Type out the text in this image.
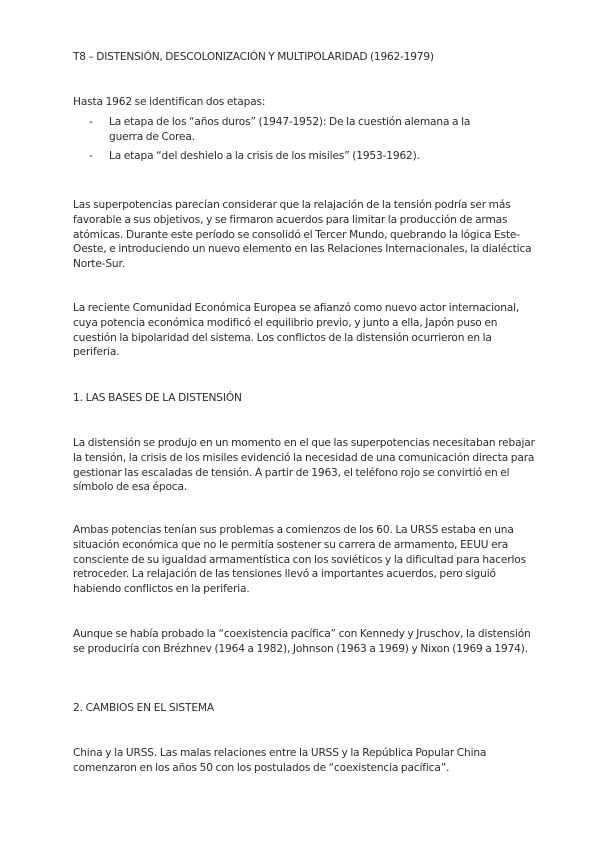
T8 – DISTENSIÓN, DESCOLONIZACIÓN Y MULTIPOLARIDAD (1962-1979)

Hasta 1962 se identifican dos etapas:

- La etapa de los “años duros” (1947-1952): De la cuestión alemana a la guerra de Corea.
- La etapa “del deshielo a la crisis de los misiles” (1953-1962).

Las superpotencias parecían considerar que la relajación de la tensión podría ser más favorable a sus objetivos, y se firmaron acuerdos para limitar la producción de armas atómicas. Durante este período se consolidó el Tercer Mundo, quebrando la lógica Este-Oeste, e introduciendo un nuevo elemento en las Relaciones Internacionales, la dialéctica Norte-Sur.

La reciente Comunidad Económica Europea se afianzó como nuevo actor internacional, cuya potencia económica modificó el equilibrio previo, y junto a ella, Japón puso en cuestión la bipolaridad del sistema. Los conflictos de la distensión ocurrieron en la periferia.

1. LAS BASES DE LA DISTENSIÓN

La distensión se produjo en un momento en el que las superpotencias necesitaban rebajar la tensión, la crisis de los misiles evidenció la necesidad de una comunicación directa para gestionar las escaladas de tensión. A partir de 1963, el teléfono rojo se convirtió en el símbolo de esa época.

Ambas potencias tenían sus problemas a comienzos de los 60. La URSS estaba en una situación económica que no le permitía sostener su carrera de armamento, EEUU era consciente de su igualdad armamentística con los soviéticos y la dificultad para hacerlos retroceder. La relajación de las tensiones llevó a importantes acuerdos, pero siguió habiendo conflictos en la periferia.

Aunque se había probado la “coexistencia pacífica” con Kennedy y Jruschov, la distensión se produciría con Brézhnev (1964 a 1982), Johnson (1963 a 1969) y Nixon (1969 a 1974).

2. CAMBIOS EN EL SISTEMA

China y la URSS. Las malas relaciones entre la URSS y la República Popular China comenzaron en los años 50 con los postulados de “coexistencia pacífica”.
